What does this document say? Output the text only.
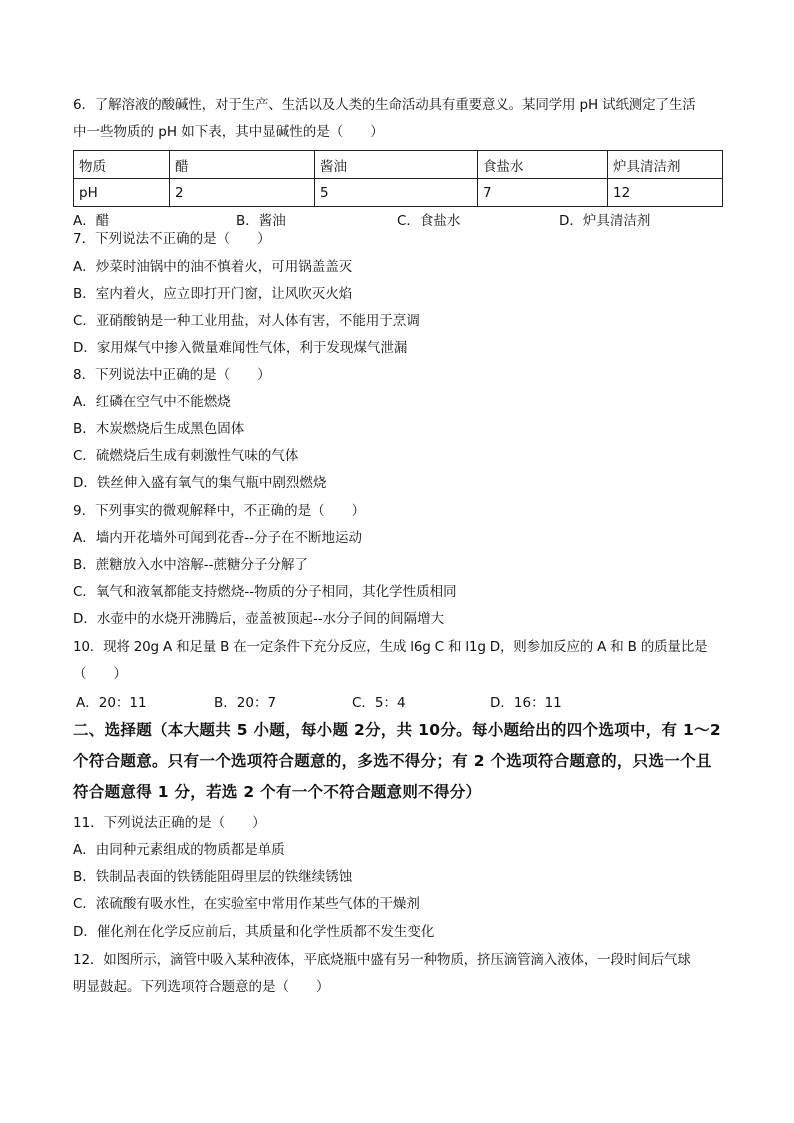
6．了解溶液的酸碱性，对于生产、生活以及人类的生命活动具有重要意义。某同学用 pH 试纸测定了生活
中一些物质的 pH 如下表，其中显碱性的是（　　）
物质	醋	酱油	食盐水	炉具清洁剂
pH	2	5	7	12
A．醋	B．酱油	C．食盐水	D．炉具清洁剂
7．下列说法不正确的是（　　）
A．炒菜时油锅中的油不慎着火，可用锅盖盖灭
B．室内着火，应立即打开门窗，让风吹灭火焰
C．亚硝酸钠是一种工业用盐，对人体有害，不能用于烹调
D．家用煤气中掺入微量难闻性气体，利于发现煤气泄漏
8．下列说法中正确的是（　　）
A．红磷在空气中不能燃烧
B．木炭燃烧后生成黑色固体
C．硫燃烧后生成有刺激性气味的气体
D．铁丝伸入盛有氧气的集气瓶中剧烈燃烧
9．下列事实的微观解释中，不正确的是（　　）
A．墙内开花墙外可闻到花香--分子在不断地运动
B．蔗糖放入水中溶解--蔗糖分子分解了
C．氧气和液氧都能支持燃烧--物质的分子相同，其化学性质相同
D．水壶中的水烧开沸腾后，壶盖被顶起--水分子间的间隔增大
10．现将 20g A 和足量 B 在一定条件下充分反应，生成 l6g C 和 l1g D，则参加反应的 A 和 B 的质量比是
（　　）
A．20：11	B．20：7	C．5：4	D．16：11
二、选择题（本大题共 5 小题，每小题 2分，共 10分。每小题给出的四个选项中，有 1～2
个符合题意。只有一个选项符合题意的，多选不得分；有 2 个选项符合题意的，只选一个且
符合题意得 1 分，若选 2 个有一个不符合题意则不得分）
11．下列说法正确的是（　　）
A．由同种元素组成的物质都是单质
B．铁制品表面的铁锈能阻碍里层的铁继续锈蚀
C．浓硫酸有吸水性，在实验室中常用作某些气体的干燥剂
D．催化剂在化学反应前后，其质量和化学性质都不发生变化
12．如图所示，滴管中吸入某种液体，平底烧瓶中盛有另一种物质，挤压滴管滴入液体，一段时间后气球
明显鼓起。下列选项符合题意的是（　　）
